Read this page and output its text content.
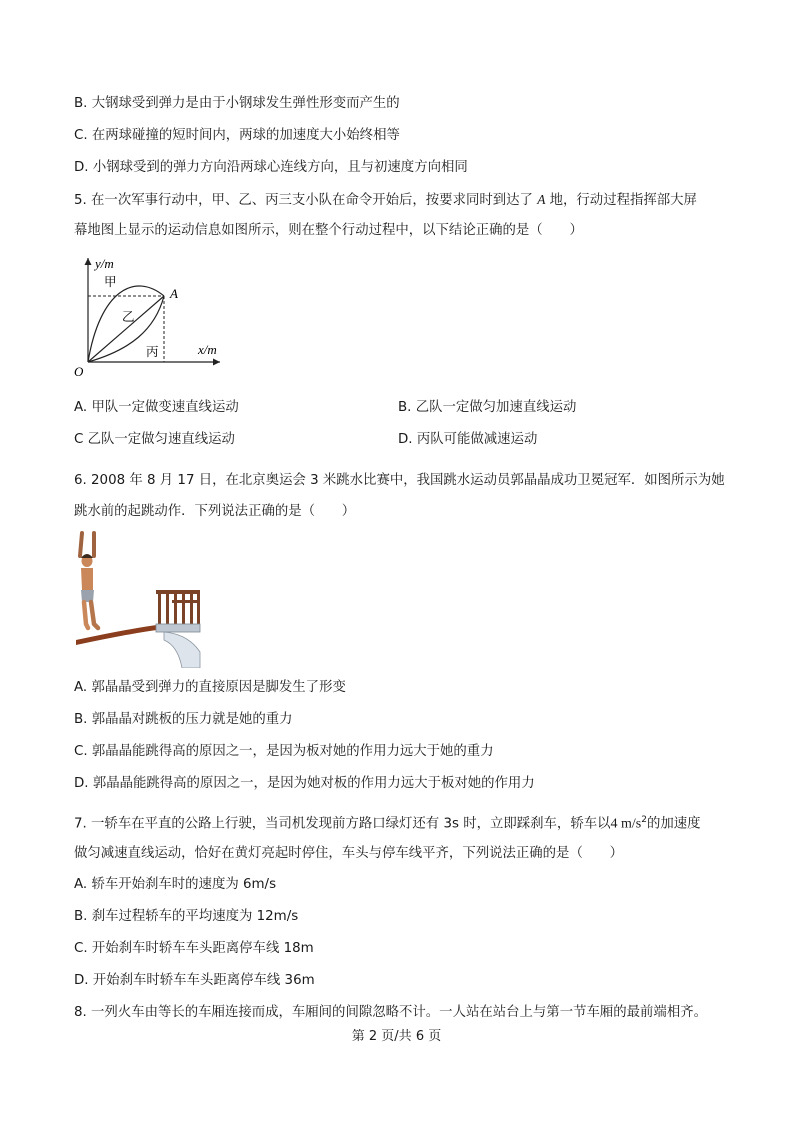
B. 大钢球受到弹力是由于小钢球发生弹性形变而产生的
C. 在两球碰撞的短时间内，两球的加速度大小始终相等
D. 小钢球受到的弹力方向沿两球心连线方向，且与初速度方向相同
5. 在一次军事行动中，甲、乙、丙三支小队在命令开始后，按要求同时到达了 A 地，行动过程指挥部大屏
幕地图上显示的运动信息如图所示，则在整个行动过程中，以下结论正确的是（　　）
y/m
甲
A
乙
丙	x/m
O
A. 甲队一定做变速直线运动	B. 乙队一定做匀加速直线运动
C 乙队一定做匀速直线运动	D. 丙队可能做减速运动
6. 2008 年 8 月 17 日，在北京奥运会 3 米跳水比赛中，我国跳水运动员郭晶晶成功卫冕冠军．如图所示为她
跳水前的起跳动作．下列说法正确的是（　　）
A. 郭晶晶受到弹力的直接原因是脚发生了形变
B. 郭晶晶对跳板的压力就是她的重力
C. 郭晶晶能跳得高的原因之一，是因为板对她的作用力远大于她的重力
D. 郭晶晶能跳得高的原因之一，是因为她对板的作用力远大于板对她的作用力
7. 一轿车在平直的公路上行驶，当司机发现前方路口绿灯还有 3s 时，立即踩刹车，轿车以4 $m/s^2$的加速度
做匀减速直线运动，恰好在黄灯亮起时停住，车头与停车线平齐，下列说法正确的是（　　）
A. 轿车开始刹车时的速度为 6m/s
B. 刹车过程轿车的平均速度为 12m/s
C. 开始刹车时轿车车头距离停车线 18m
D. 开始刹车时轿车车头距离停车线 36m
8. 一列火车由等长的车厢连接而成，车厢间的间隙忽略不计。一人站在站台上与第一节车厢的最前端相齐。
第 2 页/共 6 页
